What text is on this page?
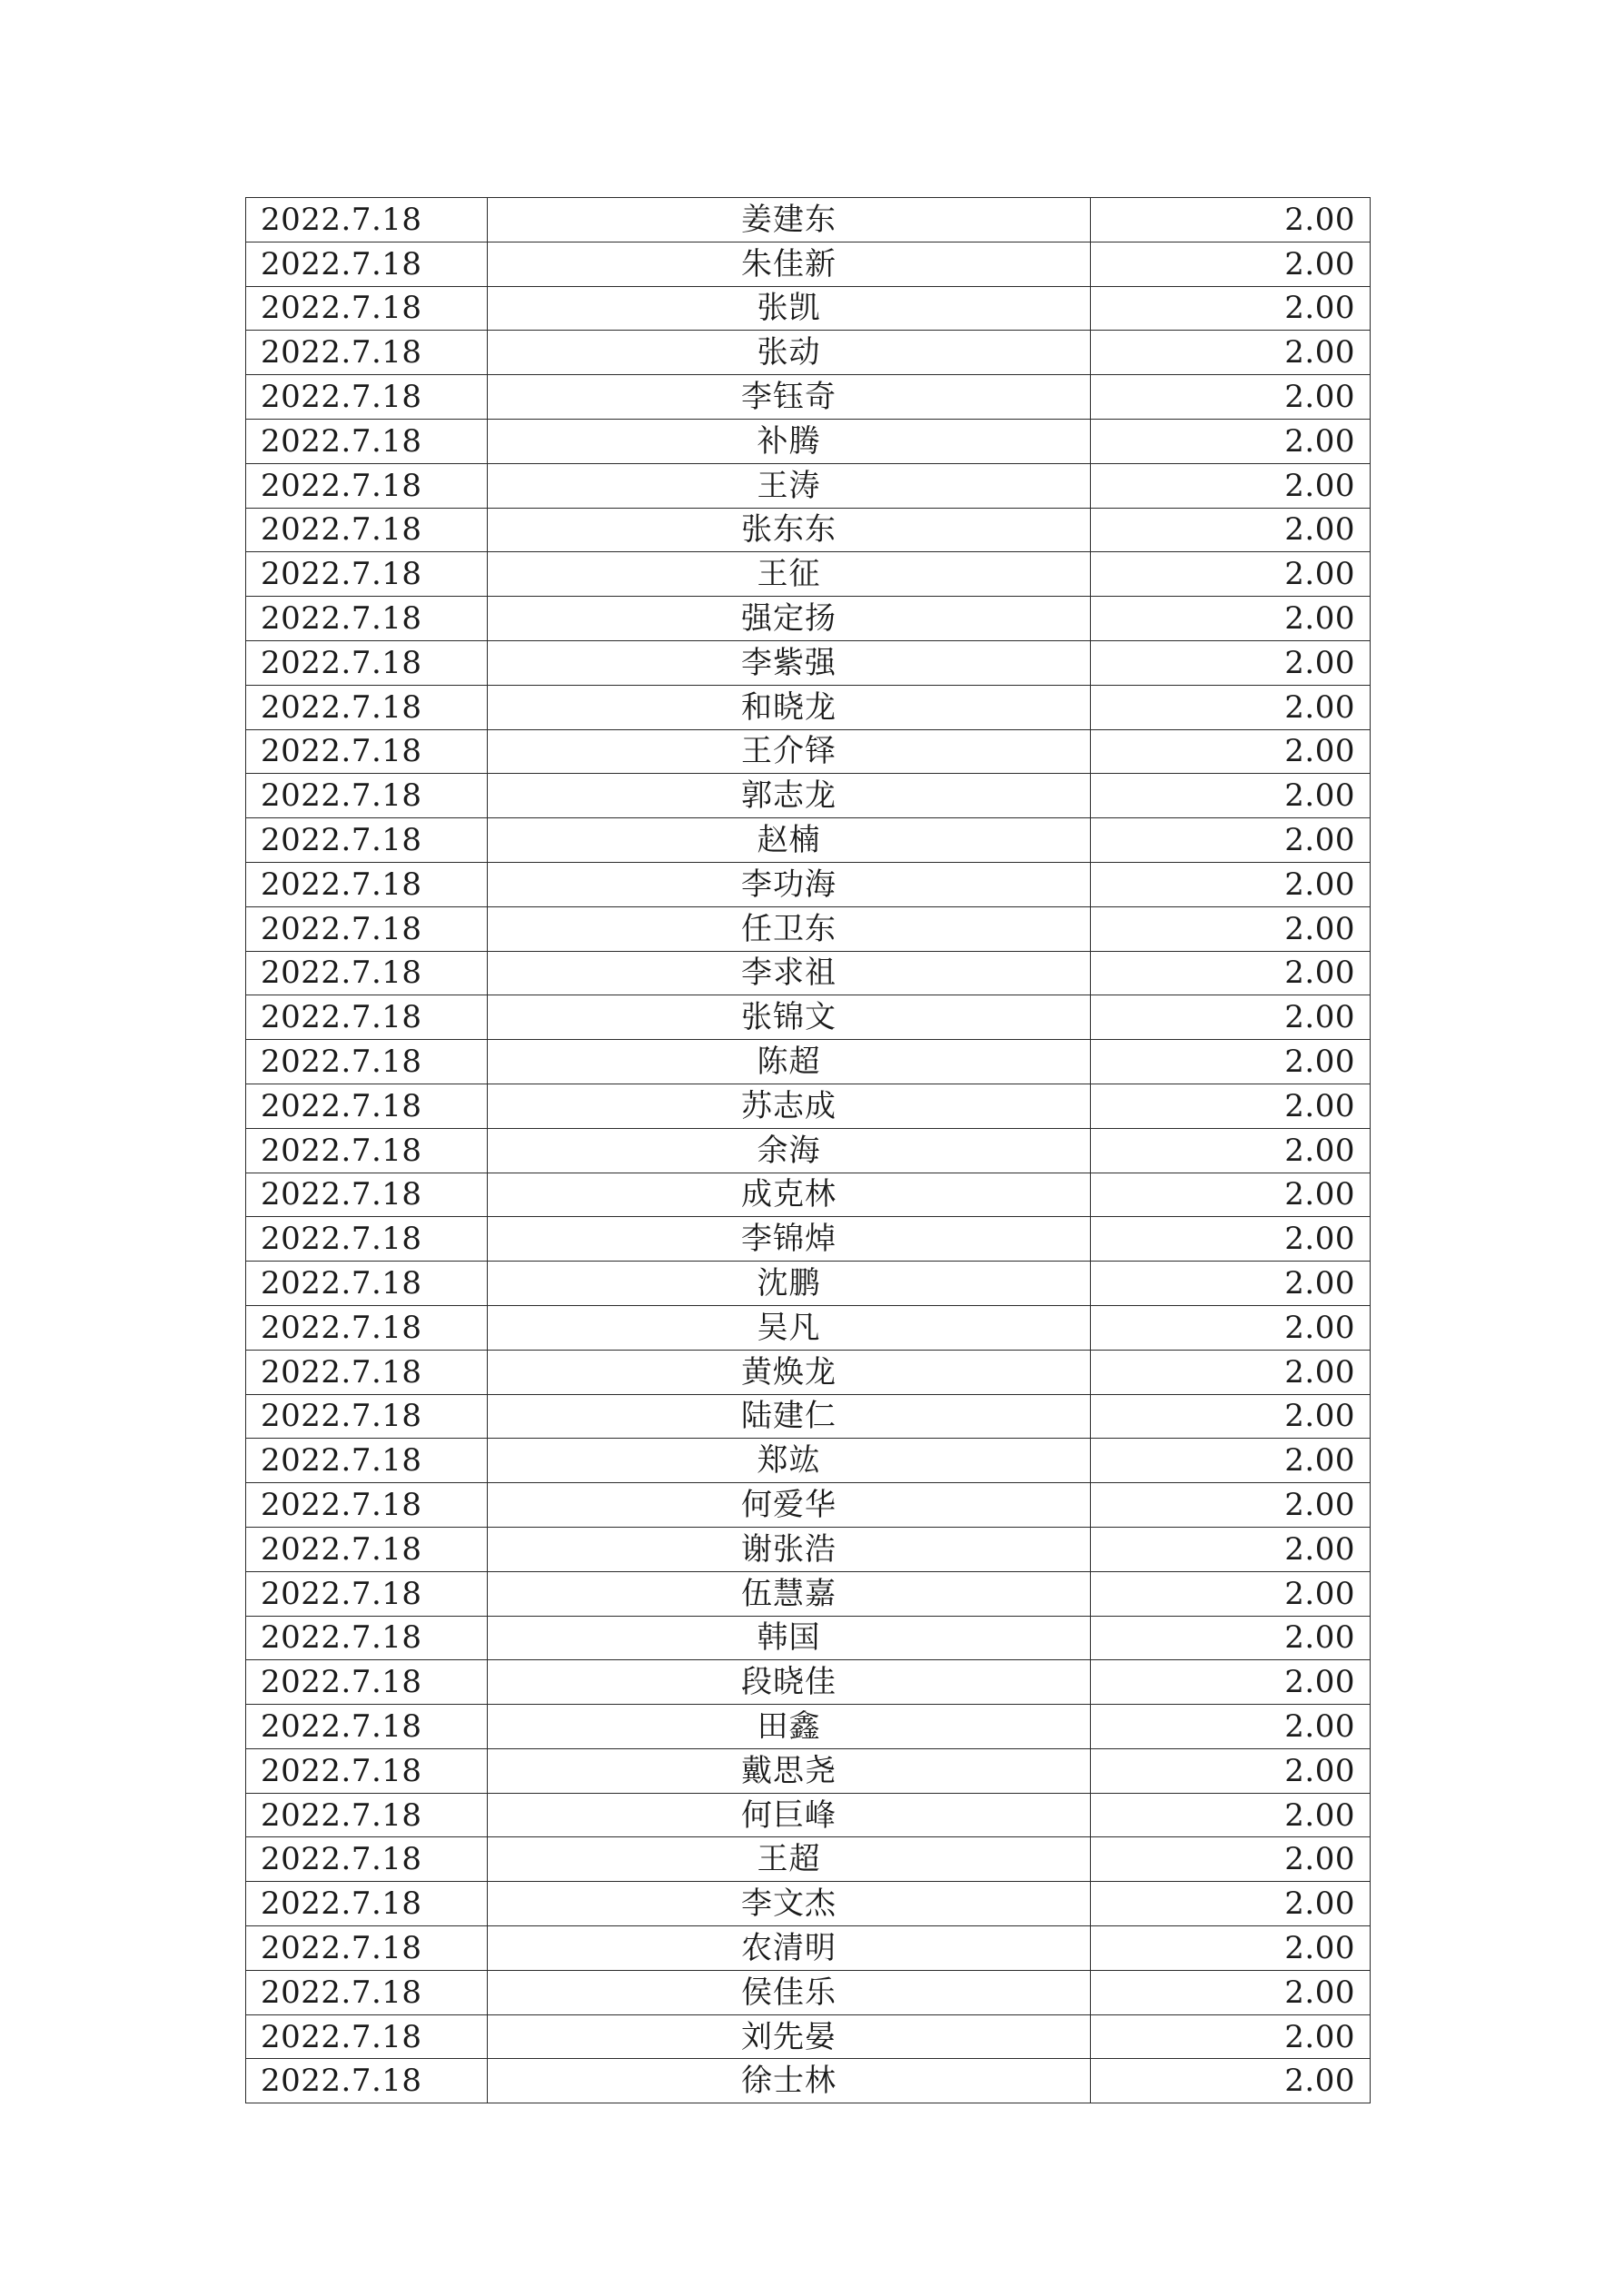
2022.7.18	姜建东	2.00
2022.7.18	朱佳新	2.00
2022.7.18	张凯	2.00
2022.7.18	张动	2.00
2022.7.18	李钰奇	2.00
2022.7.18	补腾	2.00
2022.7.18	王涛	2.00
2022.7.18	张东东	2.00
2022.7.18	王征	2.00
2022.7.18	强定扬	2.00
2022.7.18	李紫强	2.00
2022.7.18	和晓龙	2.00
2022.7.18	王介铎	2.00
2022.7.18	郭志龙	2.00
2022.7.18	赵楠	2.00
2022.7.18	李功海	2.00
2022.7.18	任卫东	2.00
2022.7.18	李求祖	2.00
2022.7.18	张锦文	2.00
2022.7.18	陈超	2.00
2022.7.18	苏志成	2.00
2022.7.18	余海	2.00
2022.7.18	成克林	2.00
2022.7.18	李锦焯	2.00
2022.7.18	沈鹏	2.00
2022.7.18	吴凡	2.00
2022.7.18	黄焕龙	2.00
2022.7.18	陆建仁	2.00
2022.7.18	郑竑	2.00
2022.7.18	何爱华	2.00
2022.7.18	谢张浩	2.00
2022.7.18	伍慧嘉	2.00
2022.7.18	韩国	2.00
2022.7.18	段晓佳	2.00
2022.7.18	田鑫	2.00
2022.7.18	戴思尧	2.00
2022.7.18	何巨峰	2.00
2022.7.18	王超	2.00
2022.7.18	李文杰	2.00
2022.7.18	农清明	2.00
2022.7.18	侯佳乐	2.00
2022.7.18	刘先晏	2.00
2022.7.18	徐士林	2.00
